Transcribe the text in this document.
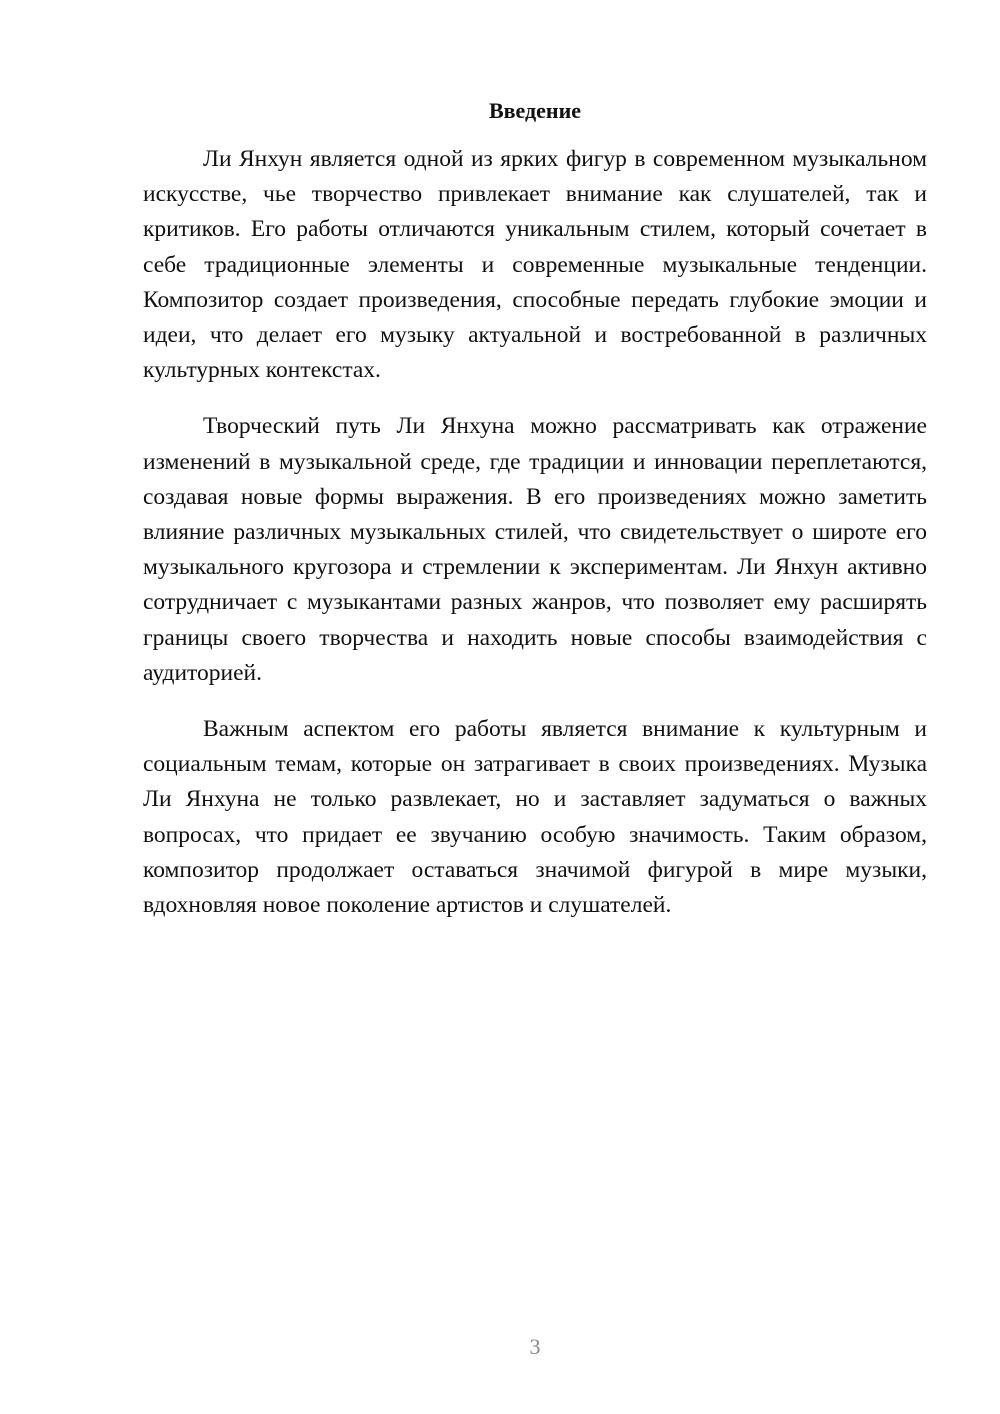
Введение

Ли Янхун является одной из ярких фигур в современном музыкальном искусстве, чье творчество привлекает внимание как слушателей, так и критиков. Его работы отличаются уникальным стилем, который сочетает в себе традиционные элементы и современные музыкальные тенденции. Композитор создает произведения, способные передать глубокие эмоции и идеи, что делает его музыку актуальной и востребованной в различных культурных контекстах.

Творческий путь Ли Янхуна можно рассматривать как отражение изменений в музыкальной среде, где традиции и инновации переплетаются, создавая новые формы выражения. В его произведениях можно заметить влияние различных музыкальных стилей, что свидетельствует о широте его музыкального кругозора и стремлении к экспериментам. Ли Янхун активно сотрудничает с музыкантами разных жанров, что позволяет ему расширять границы своего творчества и находить новые способы взаимодействия с аудиторией.

Важным аспектом его работы является внимание к культурным и социальным темам, которые он затрагивает в своих произведениях. Музыка Ли Янхуна не только развлекает, но и заставляет задуматься о важных вопросах, что придает ее звучанию особую значимость. Таким образом, композитор продолжает оставаться значимой фигурой в мире музыки, вдохновляя новое поколение артистов и слушателей.

3
